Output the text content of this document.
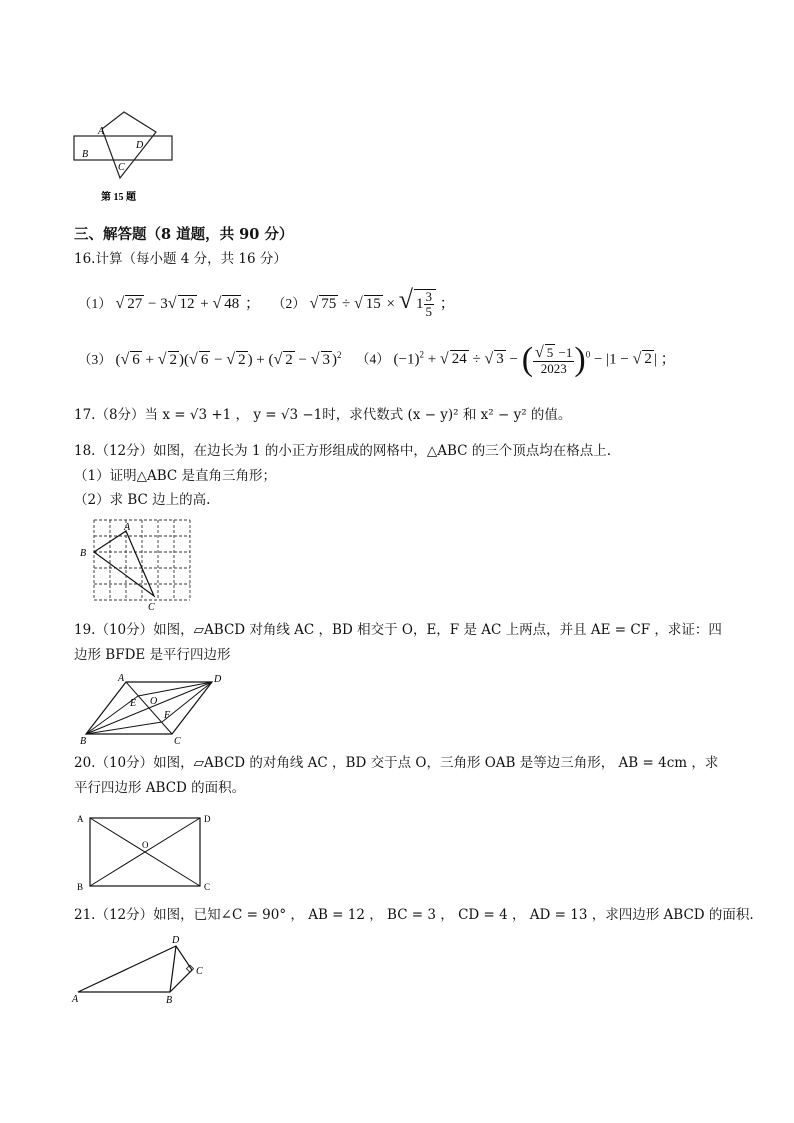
A
B
D
C
第 15 题
三、解答题（8 道题，共 90 分）
16.计算（每小题 4 分，共 16 分）
（1） √ 27 − 3√ 12 + √ 48 ； （2） √ 75 ÷ √ 15 × √ $1 \frac{3}{5}$ ；
（3） (√ 6 + √ 2 )(√ 6 − √ 2 ) + (√ 2 − √ 3 )$^2$ （4） $(-1)^2$ + √ 24 ÷ √ 3 − ( $\frac{√ 5 -1}{2023} )^0 - |1$ − √ 2 | ；
17.（8分）当 x = √3 +1 ， y = √3 −1时，求代数式 (x − y)² 和 x² − y² 的值。
18.（12分）如图，在边长为 1 的小正方形组成的网格中，△ABC 的三个顶点均在格点上.
（1）证明△ABC 是直角三角形；
（2）求 BC 边上的高.
A
B
C
19.（10分）如图，▱ABCD 对角线 AC ，BD 相交于 O，E，F 是 AC 上两点，并且 AE = CF ，求证：四
边形 BFDE 是平行四边形
A	D
E O
F
B	C
20.（10分）如图，▱ABCD 的对角线 AC ，BD 交于点 O，三角形 OAB 是等边三角形， AB = 4cm ，求
平行四边形 ABCD 的面积。
A	D
O
B	C
21.（12分）如图，已知∠C = 90° ， AB = 12 ， BC = 3 ， CD = 4 ， AD = 13 ，求四边形 ABCD 的面积.
D
C
A	B
